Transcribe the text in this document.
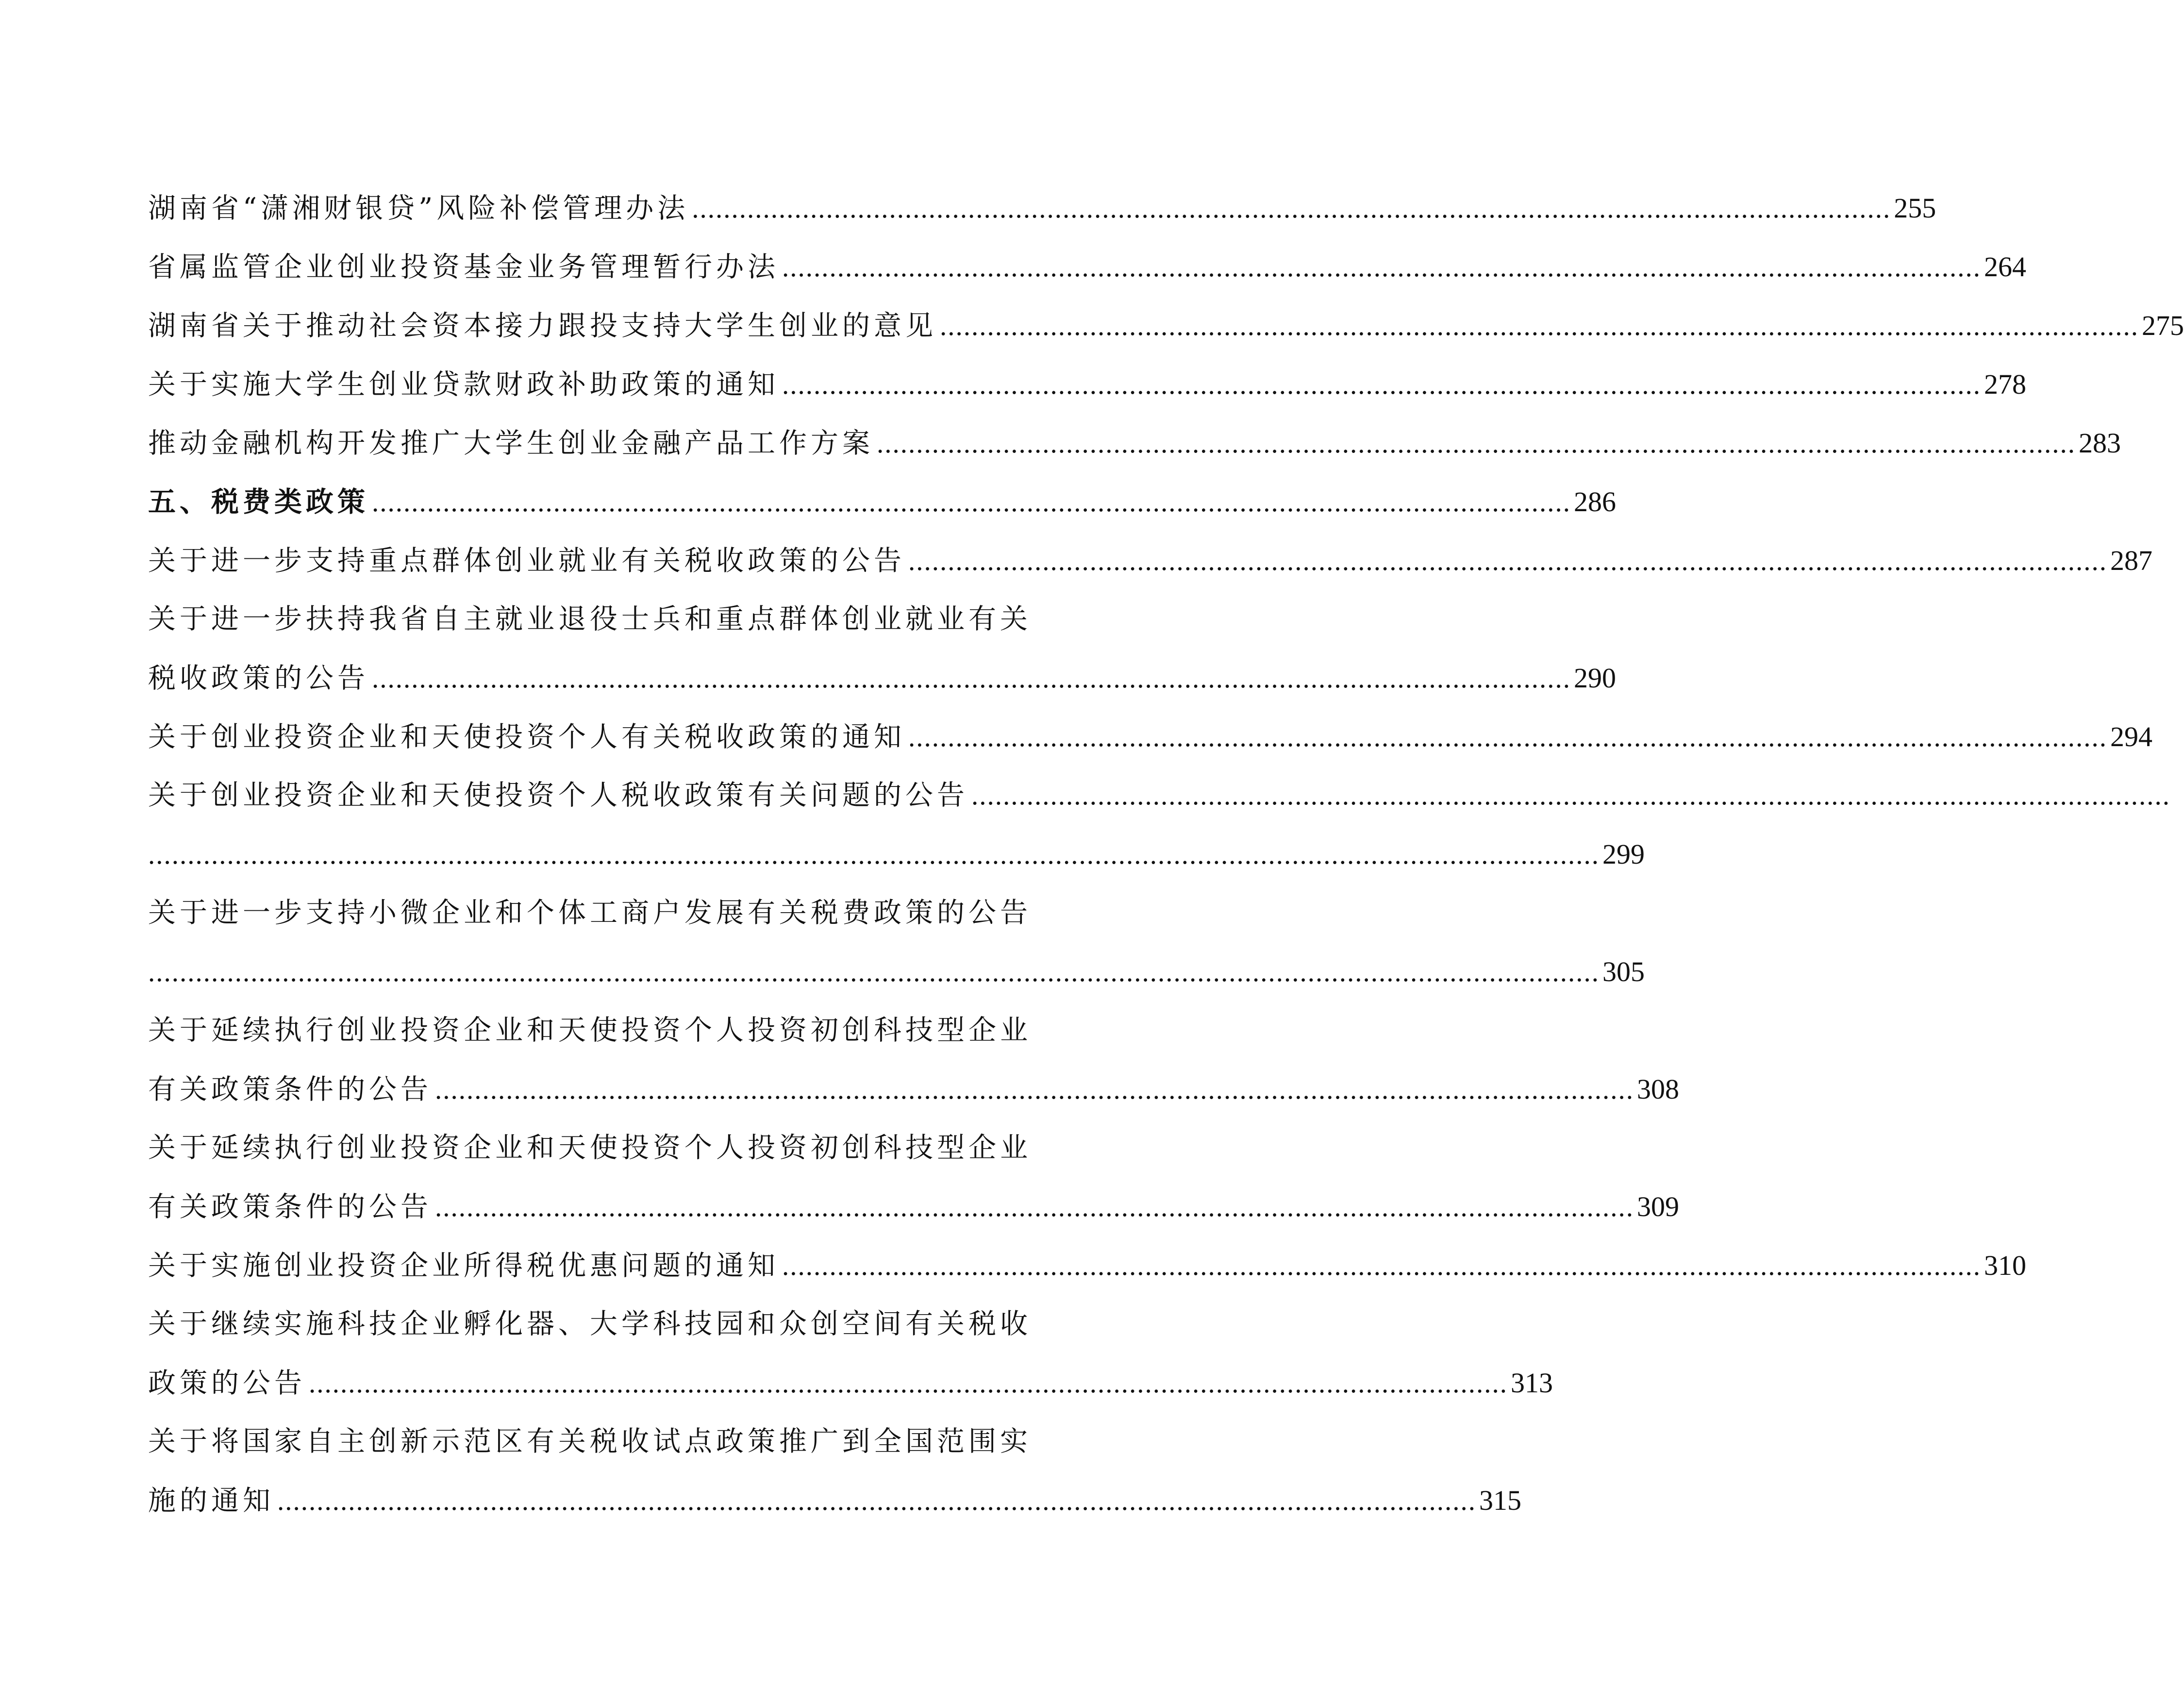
湖南省“潇湘财银贷”风险补偿管理办法 ........................................................................................................................................................ 255
省属监管企业创业投资基金业务管理暂行办法 ........................................................................................................................................................ 264
湖南省关于推动社会资本接力跟投支持大学生创业的意见 ........................................................................................................................................................ 275
关于实施大学生创业贷款财政补助政策的通知 ........................................................................................................................................................ 278
推动金融机构开发推广大学生创业金融产品工作方案 ........................................................................................................................................................ 283
五、税费类政策 ........................................................................................................................................................ 286
关于进一步支持重点群体创业就业有关税收政策的公告 ........................................................................................................................................................ 287
关于进一步扶持我省自主就业退役士兵和重点群体创业就业有关
税收政策的公告 ........................................................................................................................................................ 290
关于创业投资企业和天使投资个人有关税收政策的通知 ........................................................................................................................................................ 294
关于创业投资企业和天使投资个人税收政策有关问题的公告 ........................................................................................................................................................
........................................................................................................................................................................................ 299
关于进一步支持小微企业和个体工商户发展有关税费政策的公告
........................................................................................................................................................................................ 305
关于延续执行创业投资企业和天使投资个人投资初创科技型企业
有关政策条件的公告 ........................................................................................................................................................ 308
关于延续执行创业投资企业和天使投资个人投资初创科技型企业
有关政策条件的公告 ........................................................................................................................................................ 309
关于实施创业投资企业所得税优惠问题的通知 ........................................................................................................................................................ 310
关于继续实施科技企业孵化器、大学科技园和众创空间有关税收
政策的公告 ........................................................................................................................................................ 313
关于将国家自主创新示范区有关税收试点政策推广到全国范围实
施的通知 ........................................................................................................................................................ 315
